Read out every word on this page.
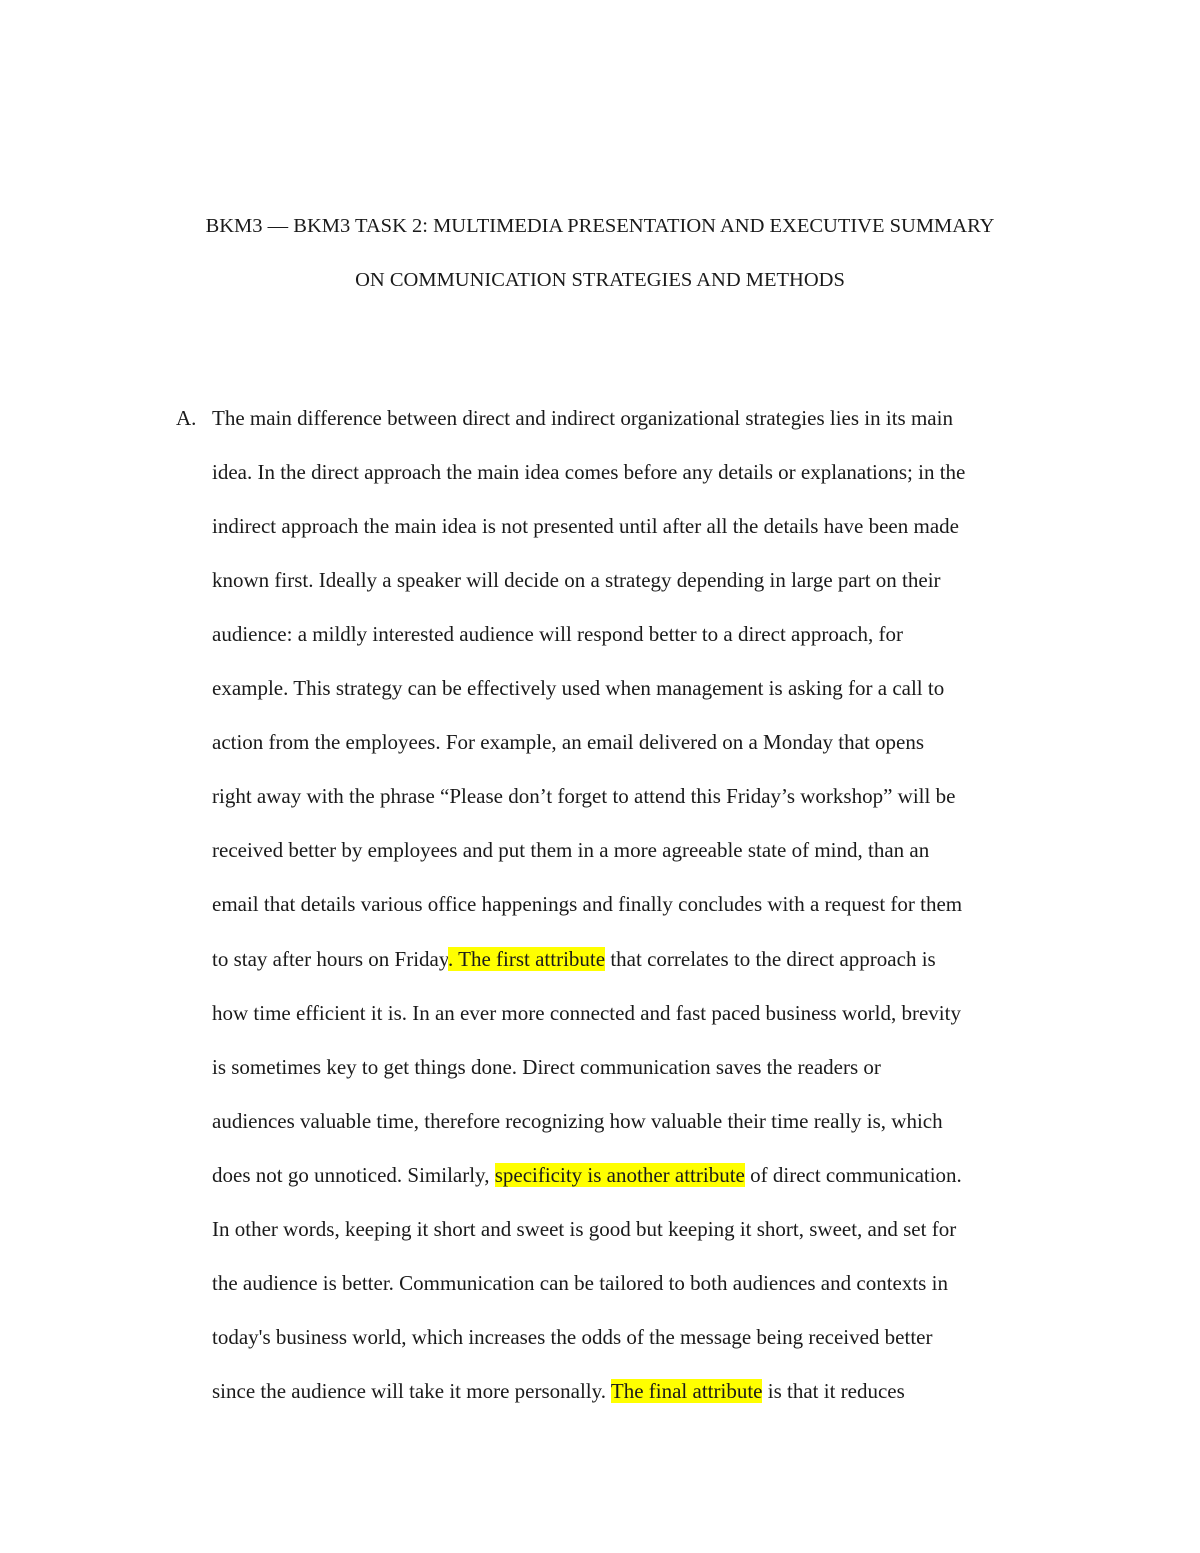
BKM3 — BKM3 TASK 2: MULTIMEDIA PRESENTATION AND EXECUTIVE SUMMARY
ON COMMUNICATION STRATEGIES AND METHODS
A. The main difference between direct and indirect organizational strategies lies in its main
idea. In the direct approach the main idea comes before any details or explanations; in the
indirect approach the main idea is not presented until after all the details have been made
known first. Ideally a speaker will decide on a strategy depending in large part on their
audience: a mildly interested audience will respond better to a direct approach, for
example. This strategy can be effectively used when management is asking for a call to
action from the employees. For example, an email delivered on a Monday that opens
right away with the phrase “Please don’t forget to attend this Friday’s workshop” will be
received better by employees and put them in a more agreeable state of mind, than an
email that details various office happenings and finally concludes with a request for them
to stay after hours on Friday. The first attribute that correlates to the direct approach is
how time efficient it is. In an ever more connected and fast paced business world, brevity
is sometimes key to get things done. Direct communication saves the readers or
audiences valuable time, therefore recognizing how valuable their time really is, which
does not go unnoticed. Similarly, specificity is another attribute of direct communication.
In other words, keeping it short and sweet is good but keeping it short, sweet, and set for
the audience is better. Communication can be tailored to both audiences and contexts in
today's business world, which increases the odds of the message being received better
since the audience will take it more personally. The final attribute is that it reduces
